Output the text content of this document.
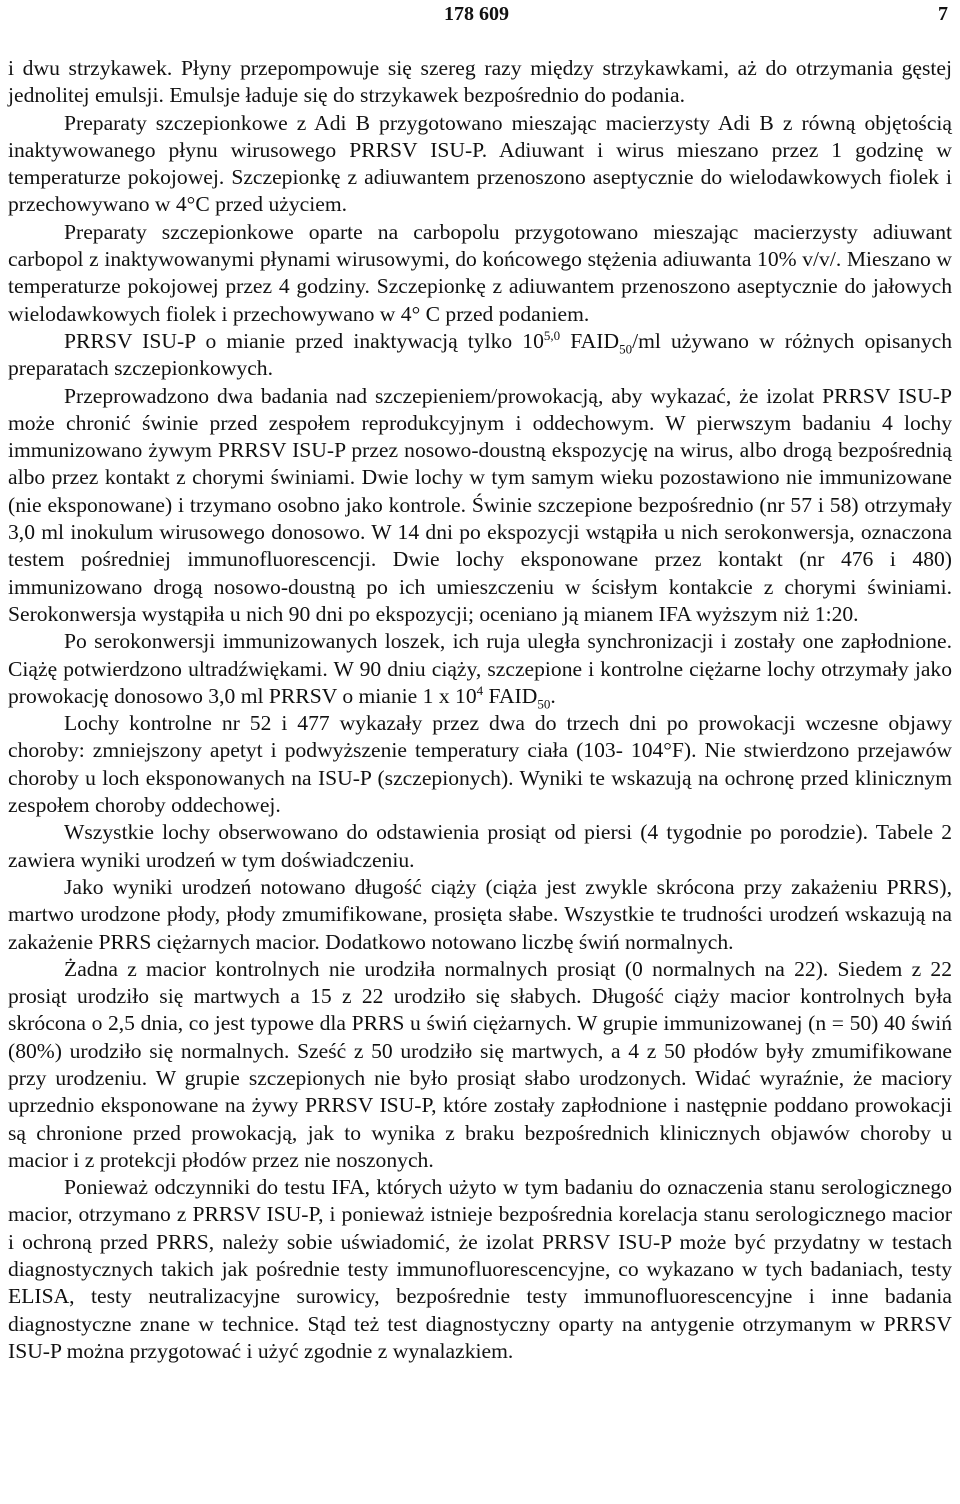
178 609	7

i dwu strzykawek. Płyny przepompowuje się szereg razy między strzykawkami, aż do otrzymania gęstej jednolitej emulsji. Emulsje ładuje się do strzykawek bezpośrednio do podania.

Preparaty szczepionkowe z Adi B przygotowano mieszając macierzysty Adi B z równą objętością inaktywowanego płynu wirusowego PRRSV ISU-P. Adiuwant i wirus mieszano przez 1 godzinę w temperaturze pokojowej. Szczepionkę z adiuwantem przenoszono aseptycznie do wielodawkowych fiolek i przechowywano w 4°C przed użyciem.

Preparaty szczepionkowe oparte na carbopolu przygotowano mieszając macierzysty adiuwant carbopol z inaktywowanymi płynami wirusowymi, do końcowego stężenia adiuwanta 10% v/v/. Mieszano w temperaturze pokojowej przez 4 godziny. Szczepionkę z adiuwantem przenoszono aseptycznie do jałowych wielodawkowych fiolek i przechowywano w 4° C przed podaniem.

PRRSV ISU-P o mianie przed inaktywacją tylko 10$^{5,0}$ $FAID_{50}/ml$ używano w różnych opisanych preparatach szczepionkowych.

Przeprowadzono dwa badania nad szczepieniem/prowokacją, aby wykazać, że izolat PRRSV ISU-P może chronić świnie przed zespołem reprodukcyjnym i oddechowym. W pierwszym badaniu 4 lochy immunizowano żywym PRRSV ISU-P przez nosowo-doustną ekspozycję na wirus, albo drogą bezpośrednią albo przez kontakt z chorymi świniami. Dwie lochy w tym samym wieku pozostawiono nie immunizowane (nie eksponowane) i trzymano osobno jako kontrole. Świnie szczepione bezpośrednio (nr 57 i 58) otrzymały 3,0 ml inokulum wirusowego donosowo. W 14 dni po ekspozycji wstąpiła u nich serokonwersja, oznaczona testem pośredniej immunofluorescencji. Dwie lochy eksponowane przez kontakt (nr 476 i 480) immunizowano drogą nosowo-doustną po ich umieszczeniu w ścisłym kontakcie z chorymi świniami. Serokonwersja wystąpiła u nich 90 dni po ekspozycji; oceniano ją mianem IFA wyższym niż 1:20.

Po serokonwersji immunizowanych loszek, ich ruja uległa synchronizacji i zostały one zapłodnione. Ciążę potwierdzono ultradźwiękami. W 90 dniu ciąży, szczepione i kontrolne ciężarne lochy otrzymały jako prowokację donosowo 3,0 ml PRRSV o mianie 1 x $10^4$ $FAID_{50}$.

Lochy kontrolne nr 52 i 477 wykazały przez dwa do trzech dni po prowokacji wczesne objawy choroby: zmniejszony apetyt i podwyższenie temperatury ciała (103- 104°F). Nie stwierdzono przejawów choroby u loch eksponowanych na ISU-P (szczepionych). Wyniki te wskazują na ochronę przed klinicznym zespołem choroby oddechowej.

Wszystkie lochy obserwowano do odstawienia prosiąt od piersi (4 tygodnie po porodzie). Tabele 2 zawiera wyniki urodzeń w tym doświadczeniu.

Jako wyniki urodzeń notowano długość ciąży (ciąża jest zwykle skrócona przy zakażeniu PRRS), martwo urodzone płody, płody zmumifikowane, prosięta słabe. Wszystkie te trudności urodzeń wskazują na zakażenie PRRS ciężarnych macior. Dodatkowo notowano liczbę świń normalnych.

Żadna z macior kontrolnych nie urodziła normalnych prosiąt (0 normalnych na 22). Siedem z 22 prosiąt urodziło się martwych a 15 z 22 urodziło się słabych. Długość ciąży macior kontrolnych była skrócona o 2,5 dnia, co jest typowe dla PRRS u świń ciężarnych. W grupie immunizowanej (n = 50) 40 świń (80%) urodziło się normalnych. Sześć z 50 urodziło się martwych, a 4 z 50 płodów były zmumifikowane przy urodzeniu. W grupie szczepionych nie było prosiąt słabo urodzonych. Widać wyraźnie, że maciory uprzednio eksponowane na żywy PRRSV ISU-P, które zostały zapłodnione i następnie poddano prowokacji są chronione przed prowokacją, jak to wynika z braku bezpośrednich klinicznych objawów choroby u macior i z protekcji płodów przez nie noszonych.

Ponieważ odczynniki do testu IFA, których użyto w tym badaniu do oznaczenia stanu serologicznego macior, otrzymano z PRRSV ISU-P, i ponieważ istnieje bezpośrednia korelacja stanu serologicznego macior i ochroną przed PRRS, należy sobie uświadomić, że izolat PRRSV ISU-P może być przydatny w testach diagnostycznych takich jak pośrednie testy immunofluorescencyjne, co wykazano w tych badaniach, testy ELISA, testy neutralizacyjne surowicy, bezpośrednie testy immunofluorescencyjne i inne badania diagnostyczne znane w technice. Stąd też test diagnostyczny oparty na antygenie otrzymanym w PRRSV ISU-P można przygotować i użyć zgodnie z wynalazkiem.
